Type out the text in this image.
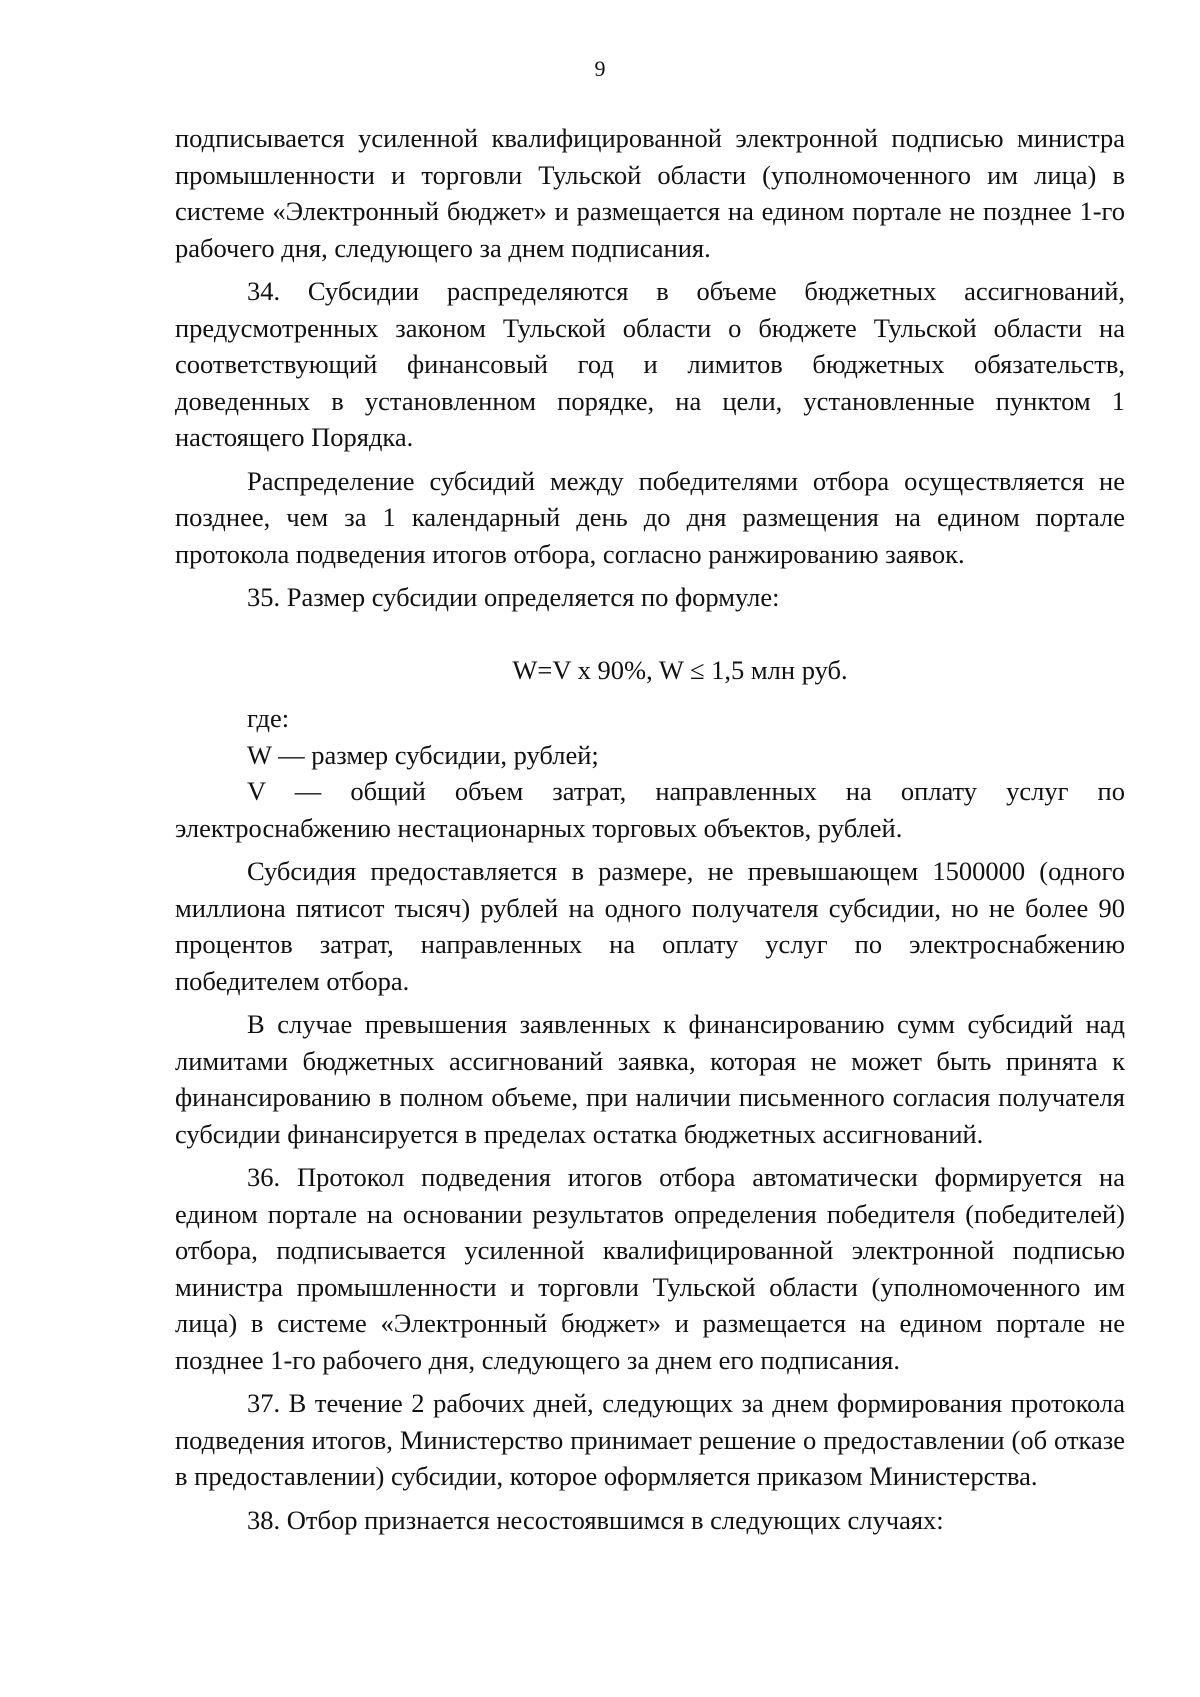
9

подписывается усиленной квалифицированной электронной подписью министра промышленности и торговли Тульской области (уполномоченного им лица) в системе «Электронный бюджет» и размещается на едином портале не позднее 1-го рабочего дня, следующего за днем подписания.

34. Субсидии распределяются в объеме бюджетных ассигнований, предусмотренных законом Тульской области о бюджете Тульской области на соответствующий финансовый год и лимитов бюджетных обязательств, доведенных в установленном порядке, на цели, установленные пунктом 1 настоящего Порядка.

Распределение субсидий между победителями отбора осуществляется не позднее, чем за 1 календарный день до дня размещения на едином портале протокола подведения итогов отбора, согласно ранжированию заявок.

35. Размер субсидии определяется по формуле:

W=V x 90%, W ≤ 1,5 млн руб.

где:

W — размер субсидии, рублей;

V — общий объем затрат, направленных на оплату услуг по электроснабжению нестационарных торговых объектов, рублей.

Субсидия предоставляется в размере, не превышающем 1500000 (одного миллиона пятисот тысяч) рублей на одного получателя субсидии, но не более 90 процентов затрат, направленных на оплату услуг по электроснабжению победителем отбора.

В случае превышения заявленных к финансированию сумм субсидий над лимитами бюджетных ассигнований заявка, которая не может быть принята к финансированию в полном объеме, при наличии письменного согласия получателя субсидии финансируется в пределах остатка бюджетных ассигнований.

36. Протокол подведения итогов отбора автоматически формируется на едином портале на основании результатов определения победителя (победителей) отбора, подписывается усиленной квалифицированной электронной подписью министра промышленности и торговли Тульской области (уполномоченного им лица) в системе «Электронный бюджет» и размещается на едином портале не позднее 1-го рабочего дня, следующего за днем его подписания.

37. В течение 2 рабочих дней, следующих за днем формирования протокола подведения итогов, Министерство принимает решение о предоставлении (об отказе в предоставлении) субсидии, которое оформляется приказом Министерства.

38. Отбор признается несостоявшимся в следующих случаях:
